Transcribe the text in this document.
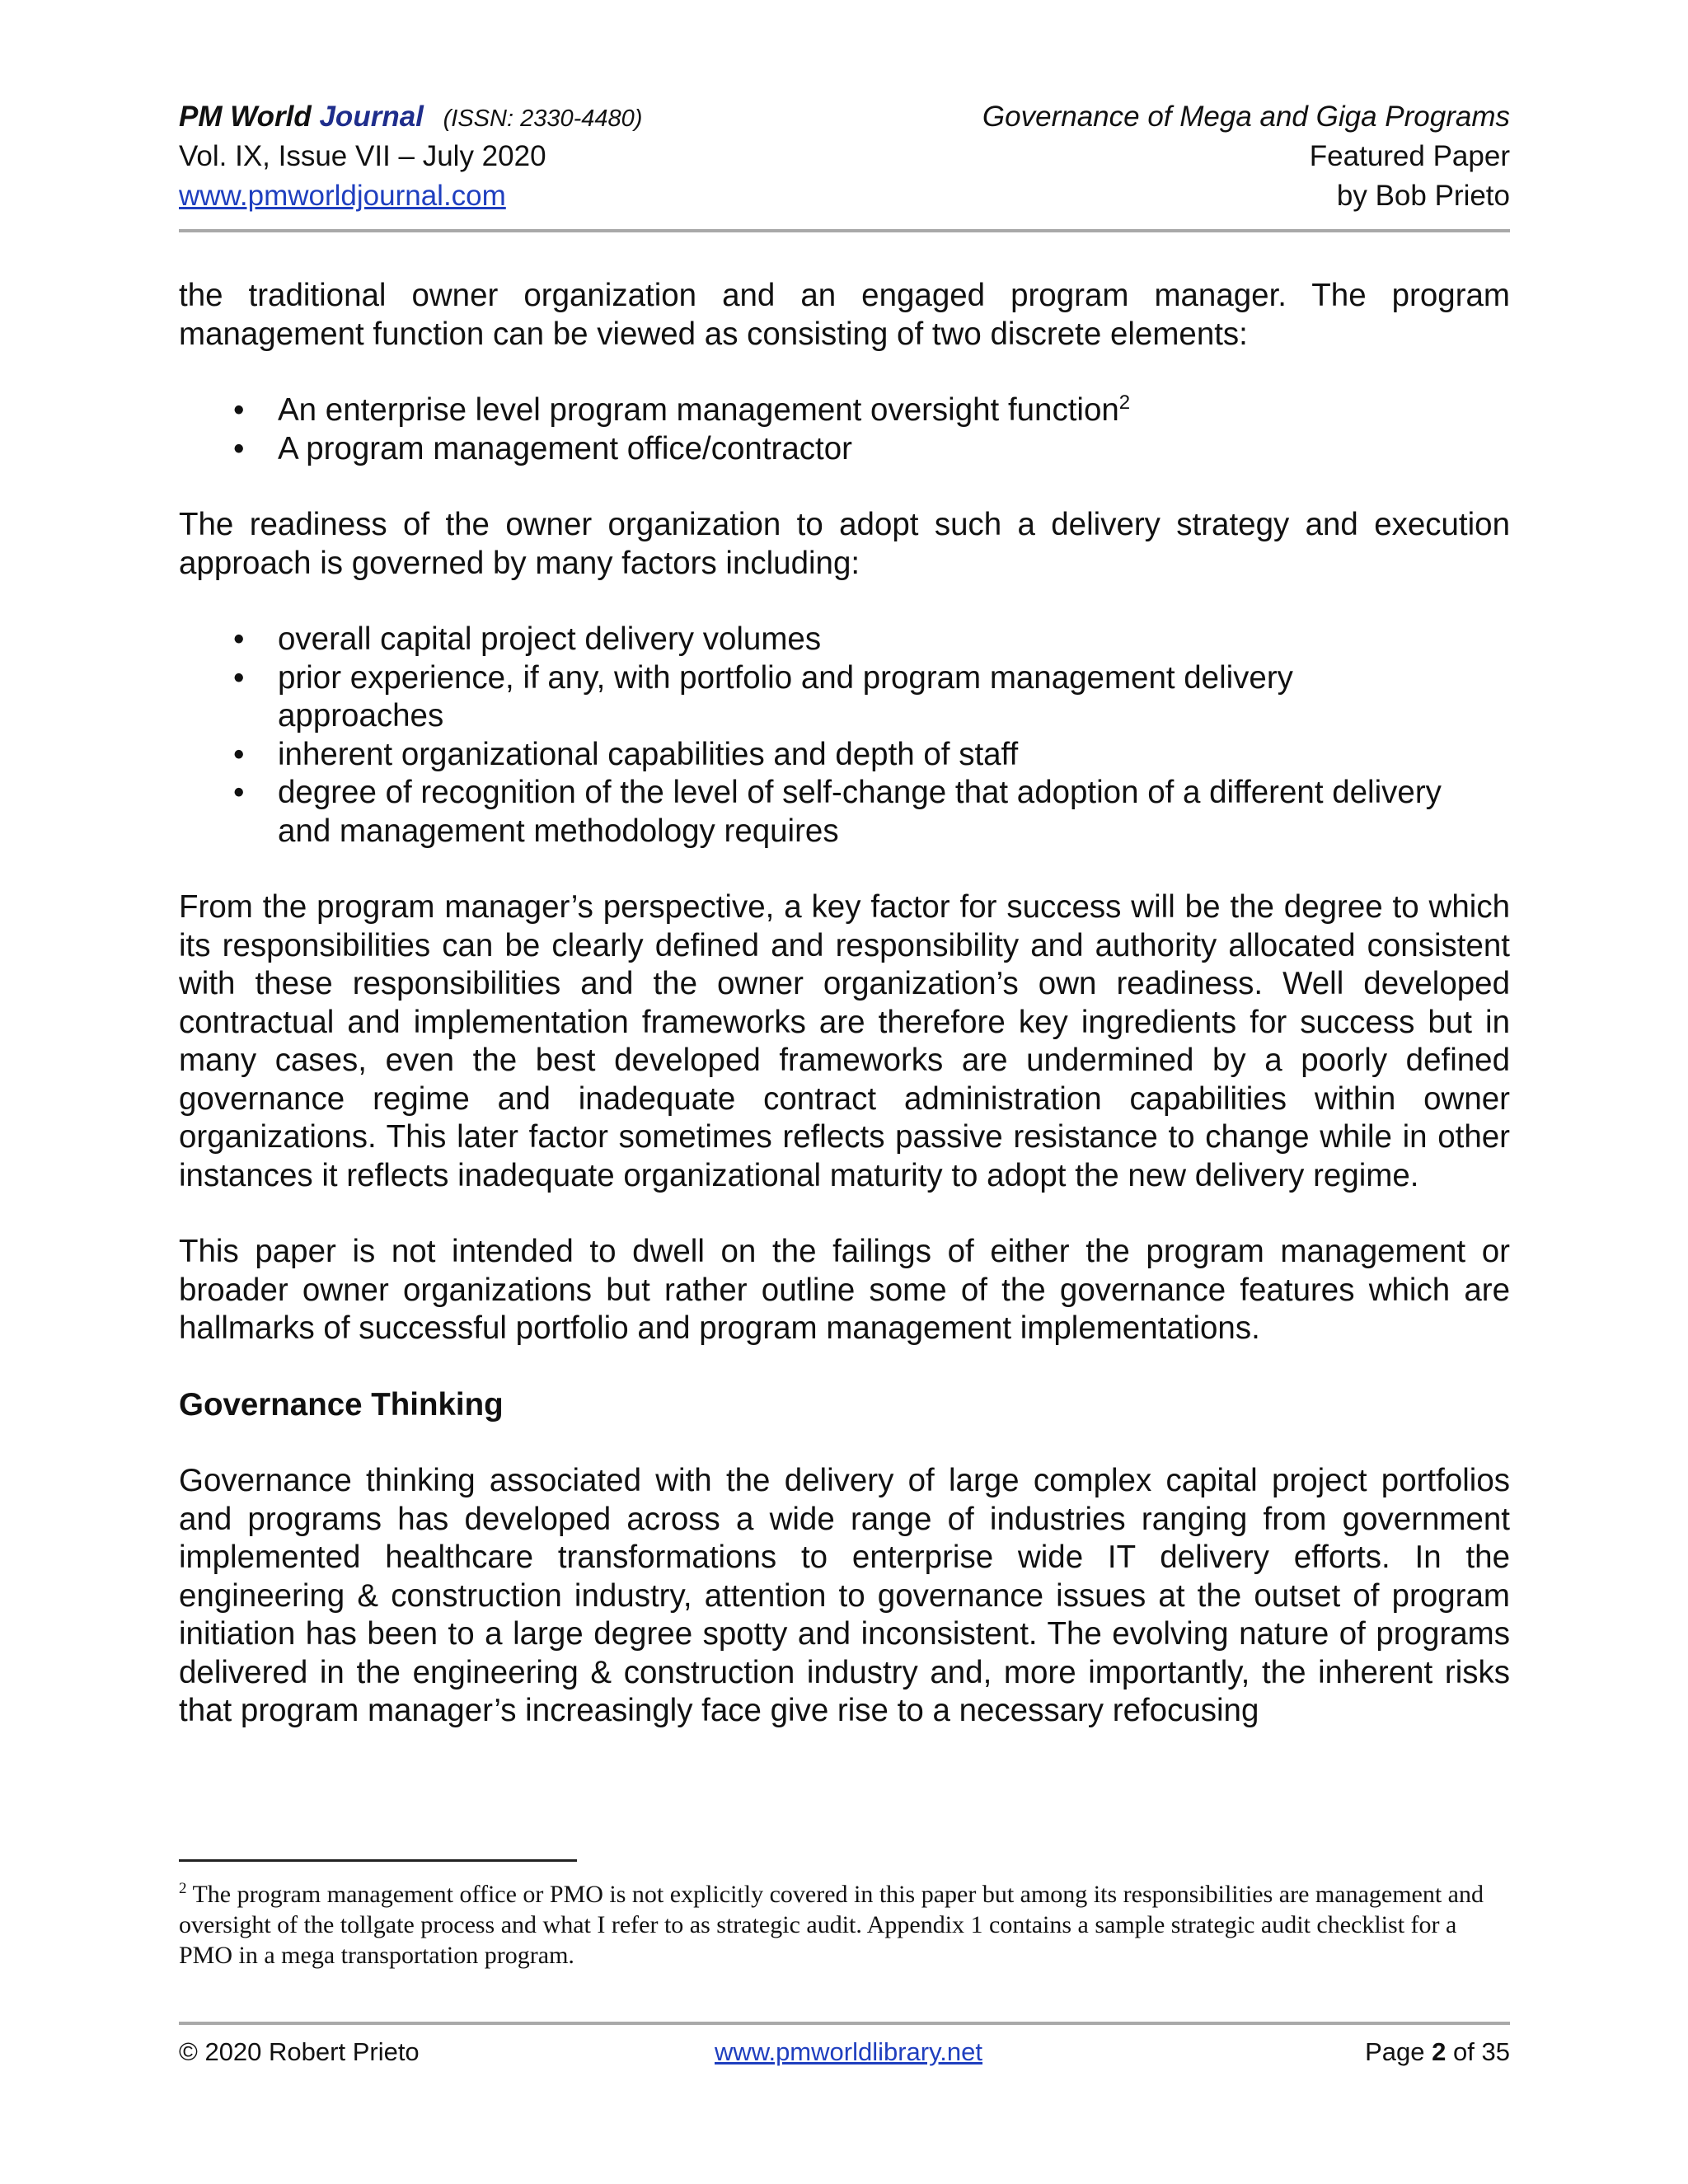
PM World Journal (ISSN: 2330-4480)
Vol. IX, Issue VII – July 2020
www.pmworldjournal.com
Governance of Mega and Giga Programs
Featured Paper
by Bob Prieto

the traditional owner organization and an engaged program manager. The program management function can be viewed as consisting of two discrete elements:

• An enterprise level program management oversight function$^2$
• A program management office/contractor

The readiness of the owner organization to adopt such a delivery strategy and execution approach is governed by many factors including:

• overall capital project delivery volumes
• prior experience, if any, with portfolio and program management delivery approaches
• inherent organizational capabilities and depth of staff
• degree of recognition of the level of self-change that adoption of a different delivery and management methodology requires

From the program manager’s perspective, a key factor for success will be the degree to which its responsibilities can be clearly defined and responsibility and authority allocated consistent with these responsibilities and the owner organization’s own readiness. Well developed contractual and implementation frameworks are therefore key ingredients for success but in many cases, even the best developed frameworks are undermined by a poorly defined governance regime and inadequate contract administration capabilities within owner organizations. This later factor sometimes reflects passive resistance to change while in other instances it reflects inadequate organizational maturity to adopt the new delivery regime.

This paper is not intended to dwell on the failings of either the program management or broader owner organizations but rather outline some of the governance features which are hallmarks of successful portfolio and program management implementations.

Governance Thinking

Governance thinking associated with the delivery of large complex capital project portfolios and programs has developed across a wide range of industries ranging from government implemented healthcare transformations to enterprise wide IT delivery efforts. In the engineering & construction industry, attention to governance issues at the outset of program initiation has been to a large degree spotty and inconsistent. The evolving nature of programs delivered in the engineering & construction industry and, more importantly, the inherent risks that program manager’s increasingly face give rise to a necessary refocusing

$^2$ The program management office or PMO is not explicitly covered in this paper but among its responsibilities are management and oversight of the tollgate process and what I refer to as strategic audit. Appendix 1 contains a sample strategic audit checklist for a PMO in a mega transportation program.
© 2020 Robert Prieto	www.pmworldlibrary.net	Page 2 of 35
